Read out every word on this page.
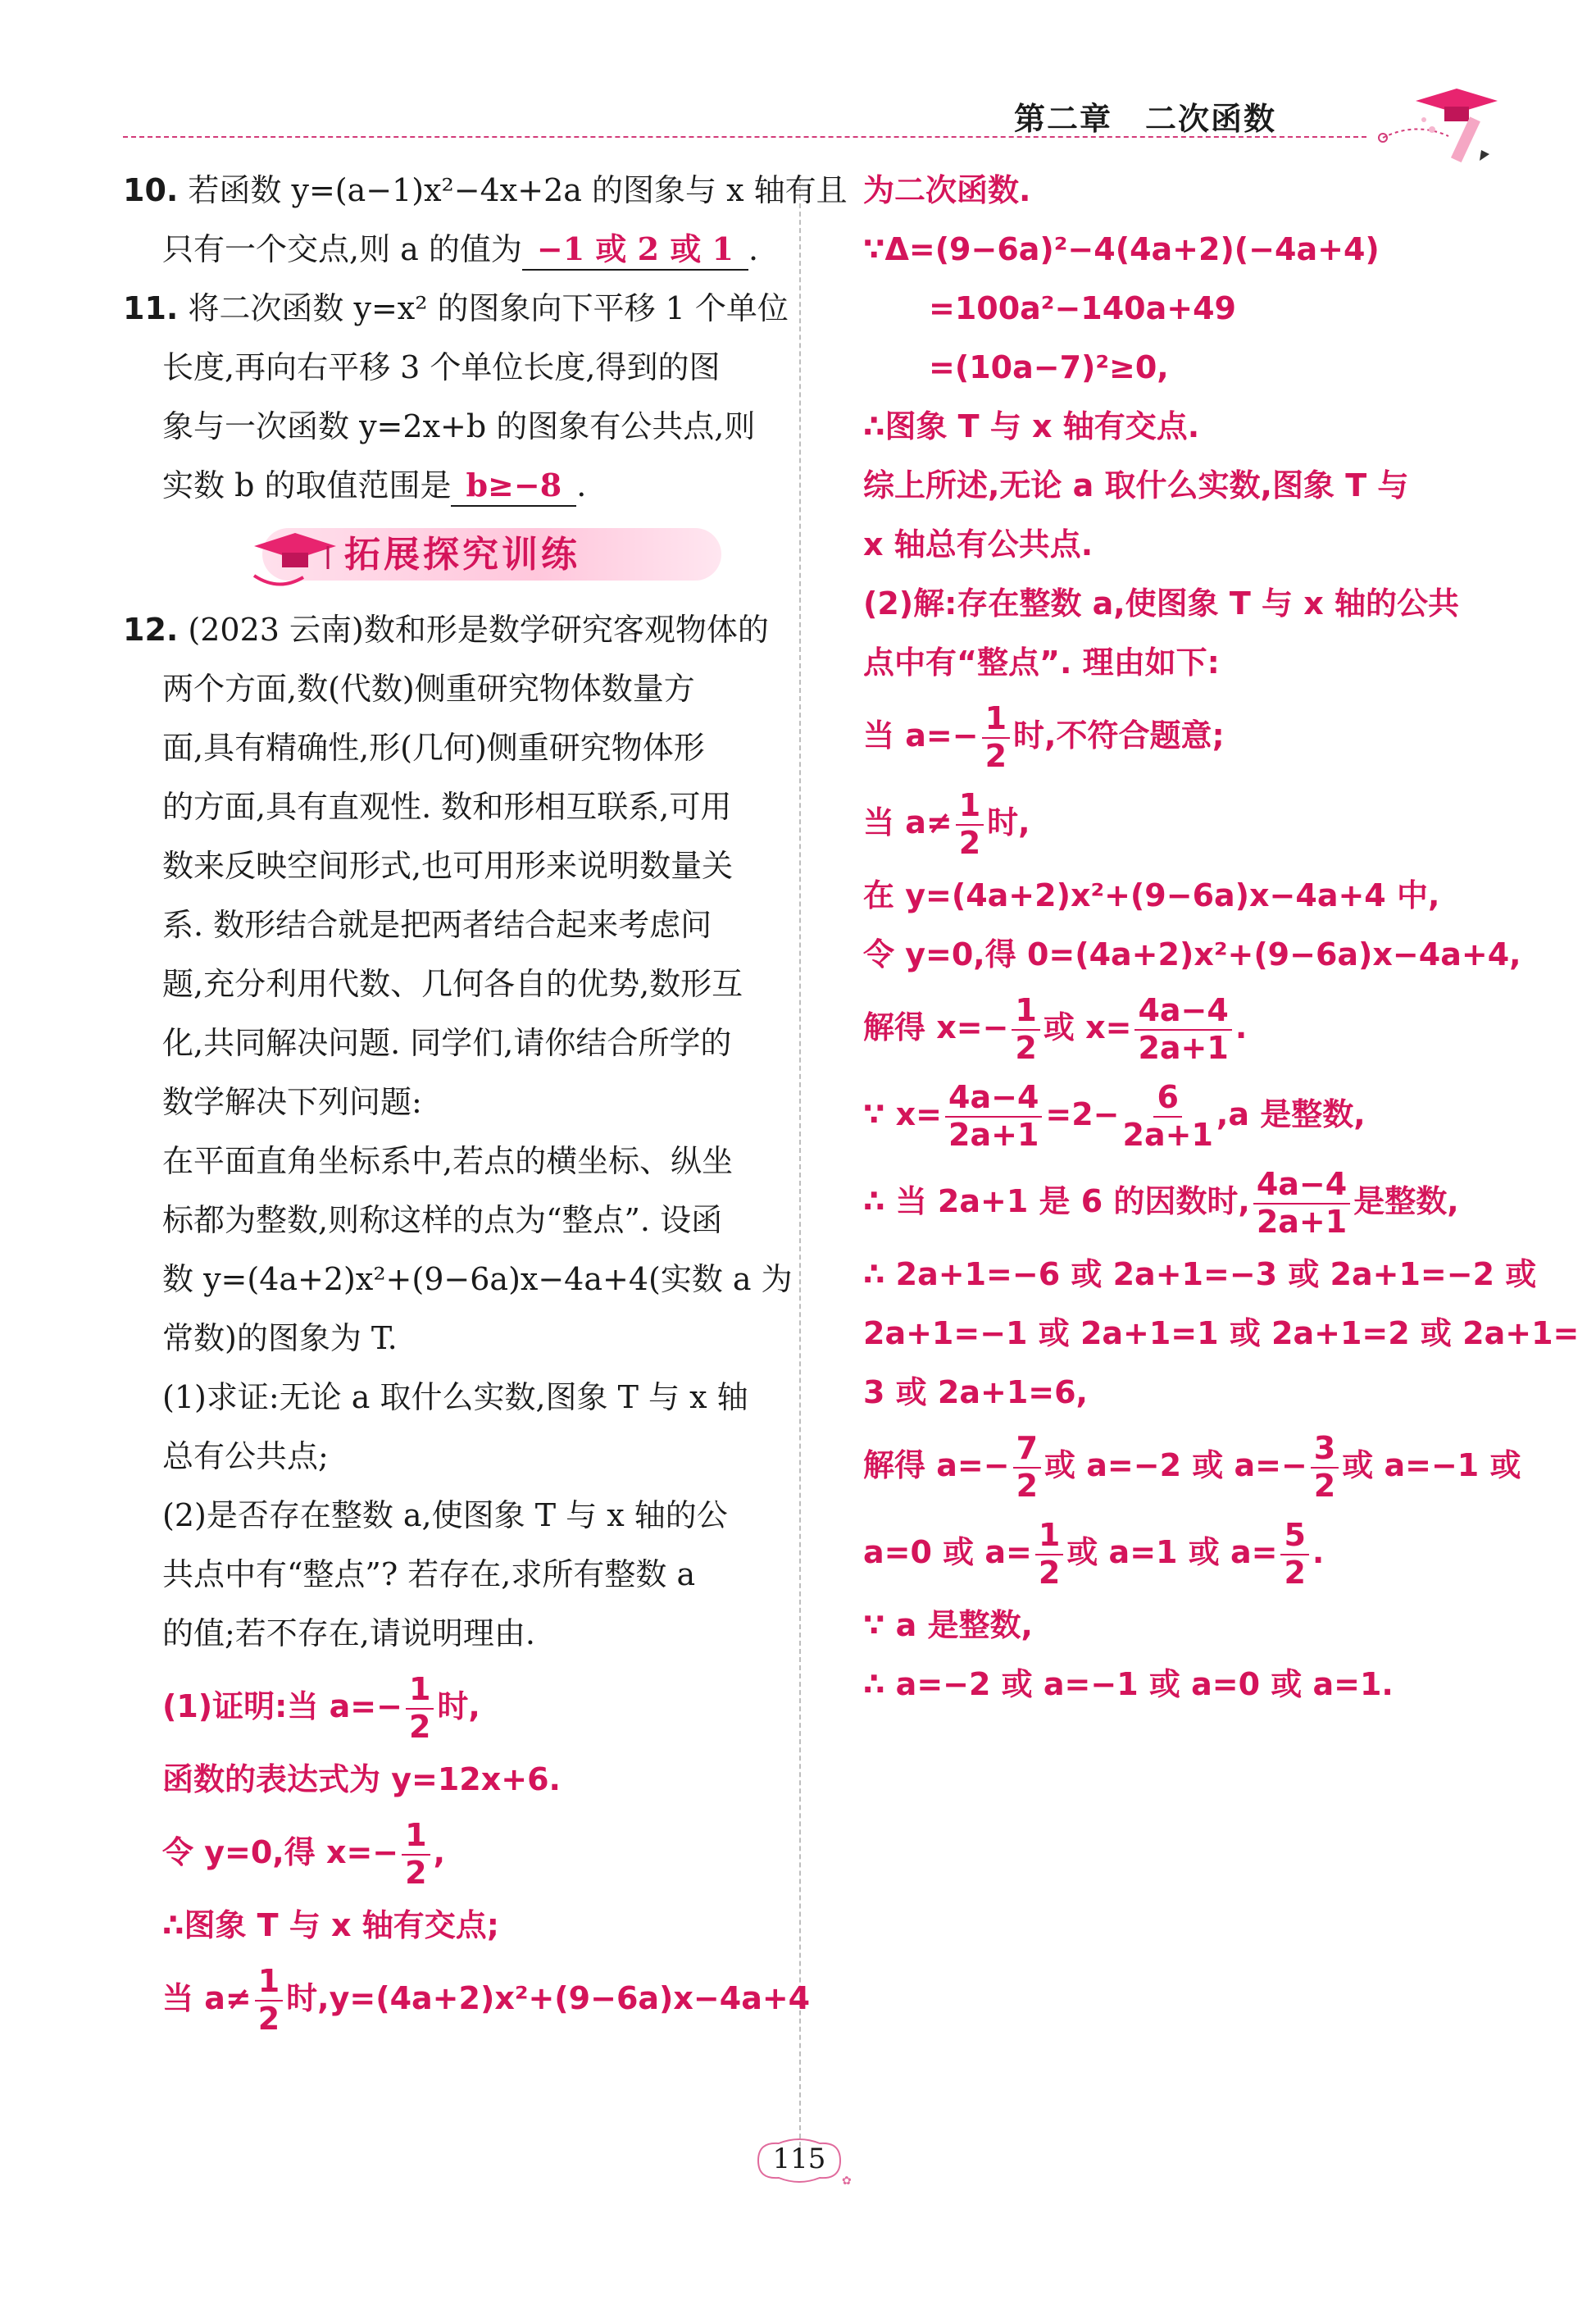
第二章 二次函数
10. 若函数 y=(a−1)x²−4x+2a 的图象与 x 轴有且
只有一个交点,则 a 的值为 −1 或 2 或 1 .
11. 将二次函数 y=x² 的图象向下平移 1 个单位
长度,再向右平移 3 个单位长度,得到的图
象与一次函数 y=2x+b 的图象有公共点,则
实数 b 的取值范围是 b≥−8 .
拓展探究训练
12. (2023 云南)数和形是数学研究客观物体的
两个方面,数(代数)侧重研究物体数量方
面,具有精确性,形(几何)侧重研究物体形
的方面,具有直观性. 数和形相互联系,可用
数来反映空间形式,也可用形来说明数量关
系. 数形结合就是把两者结合起来考虑问
题,充分利用代数、几何各自的优势,数形互
化,共同解决问题. 同学们,请你结合所学的
数学解决下列问题:
在平面直角坐标系中,若点的横坐标、纵坐
标都为整数,则称这样的点为“整点”. 设函
数 y=(4a+2)x²+(9−6a)x−4a+4(实数 a 为
常数)的图象为 T.
(1)求证:无论 a 取什么实数,图象 T 与 x 轴
总有公共点;
(2)是否存在整数 a,使图象 T 与 x 轴的公
共点中有“整点”? 若存在,求所有整数 a
的值;若不存在,请说明理由.
(1)证明:当 $a=- \frac{1}{2}$ 时,
函数的表达式为 y=12x+6.
令 y=0,得 $x=- \frac{1}{2}$ ,
∴图象 T 与 x 轴有交点;
当 $a\ne \frac{1}{2}$ 时,y=(4a+2)x²+(9−6a)x−4a+4
为二次函数.
∵Δ=(9−6a)²−4(4a+2)(−4a+4)
=100a²−140a+49
=(10a−7)²≥0,
∴图象 T 与 x 轴有交点.
综上所述,无论 a 取什么实数,图象 T 与
x 轴总有公共点.
(2)解:存在整数 a,使图象 T 与 x 轴的公共
点中有“整点”. 理由如下:
当 $a=- \frac{1}{2}$ 时,不符合题意;
当 $a\ne \frac{1}{2}$ 时,
在 y=(4a+2)x²+(9−6a)x−4a+4 中,
令 y=0,得 0=(4a+2)x²+(9−6a)x−4a+4,
解得 $x=- \frac{1}{2}$ 或 $x= \frac{4a-4}{2a+1}$ .
∵ $x= \frac{4a-4}{2a+1} =2- \frac{6}{2a+1} ,a$ 是整数,
∴ 当 2a+1 是 6 的因数时, $\frac{4a-4}{2a+1}$ 是整数,
∴ 2a+1=−6 或 2a+1=−3 或 2a+1=−2 或
2a+1=−1 或 2a+1=1 或 2a+1=2 或 2a+1=
3 或 2a+1=6,
解得 $a=- \frac{7}{2}$ 或 a=−2 或 $a=- \frac{3}{2}$ 或 a=−1 或
a=0 或 $a= \frac{1}{2}$ 或 a=1 或 $a= \frac{5}{2}$ .
∵ a 是整数,
∴ a=−2 或 a=−1 或 a=0 或 a=1.
✿
115
